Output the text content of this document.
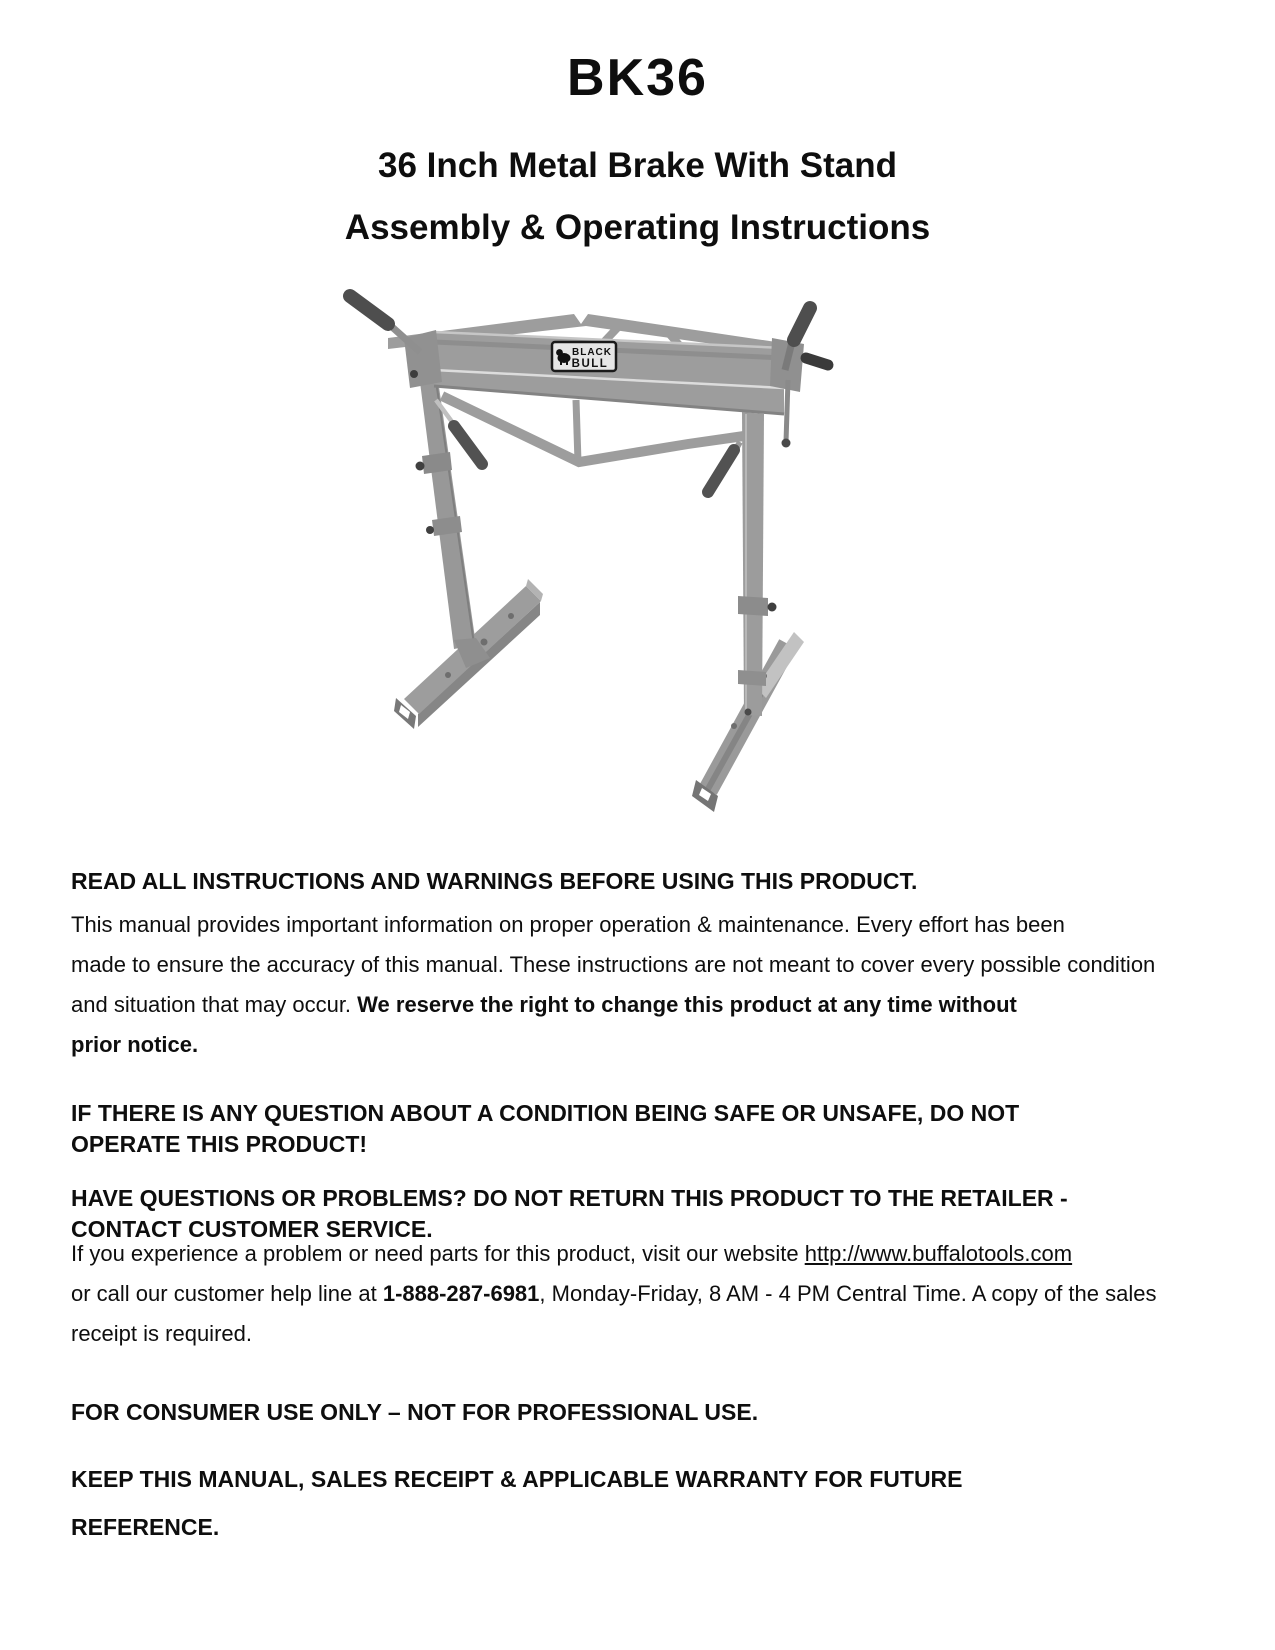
BK36
36 Inch Metal Brake With Stand
Assembly & Operating Instructions
BLACK
BULL

READ ALL INSTRUCTIONS AND WARNINGS BEFORE USING THIS PRODUCT.

This manual provides important information on proper operation & maintenance. Every effort has been
made to ensure the accuracy of this manual. These instructions are not meant to cover every possible condition
and situation that may occur. We reserve the right to change this product at any time without
prior notice.
IF THERE IS ANY QUESTION ABOUT A CONDITION BEING SAFE OR UNSAFE, DO NOT
OPERATE THIS PRODUCT!
HAVE QUESTIONS OR PROBLEMS? DO NOT RETURN THIS PRODUCT TO THE RETAILER -
CONTACT CUSTOMER SERVICE.
If you experience a problem or need parts for this product, visit our website http://www.buffalotools.com
or call our customer help line at 1-888-287-6981, Monday-Friday, 8 AM - 4 PM Central Time. A copy of the sales
receipt is required.

FOR CONSUMER USE ONLY – NOT FOR PROFESSIONAL USE.

KEEP THIS MANUAL, SALES RECEIPT & APPLICABLE WARRANTY FOR FUTURE
REFERENCE.
